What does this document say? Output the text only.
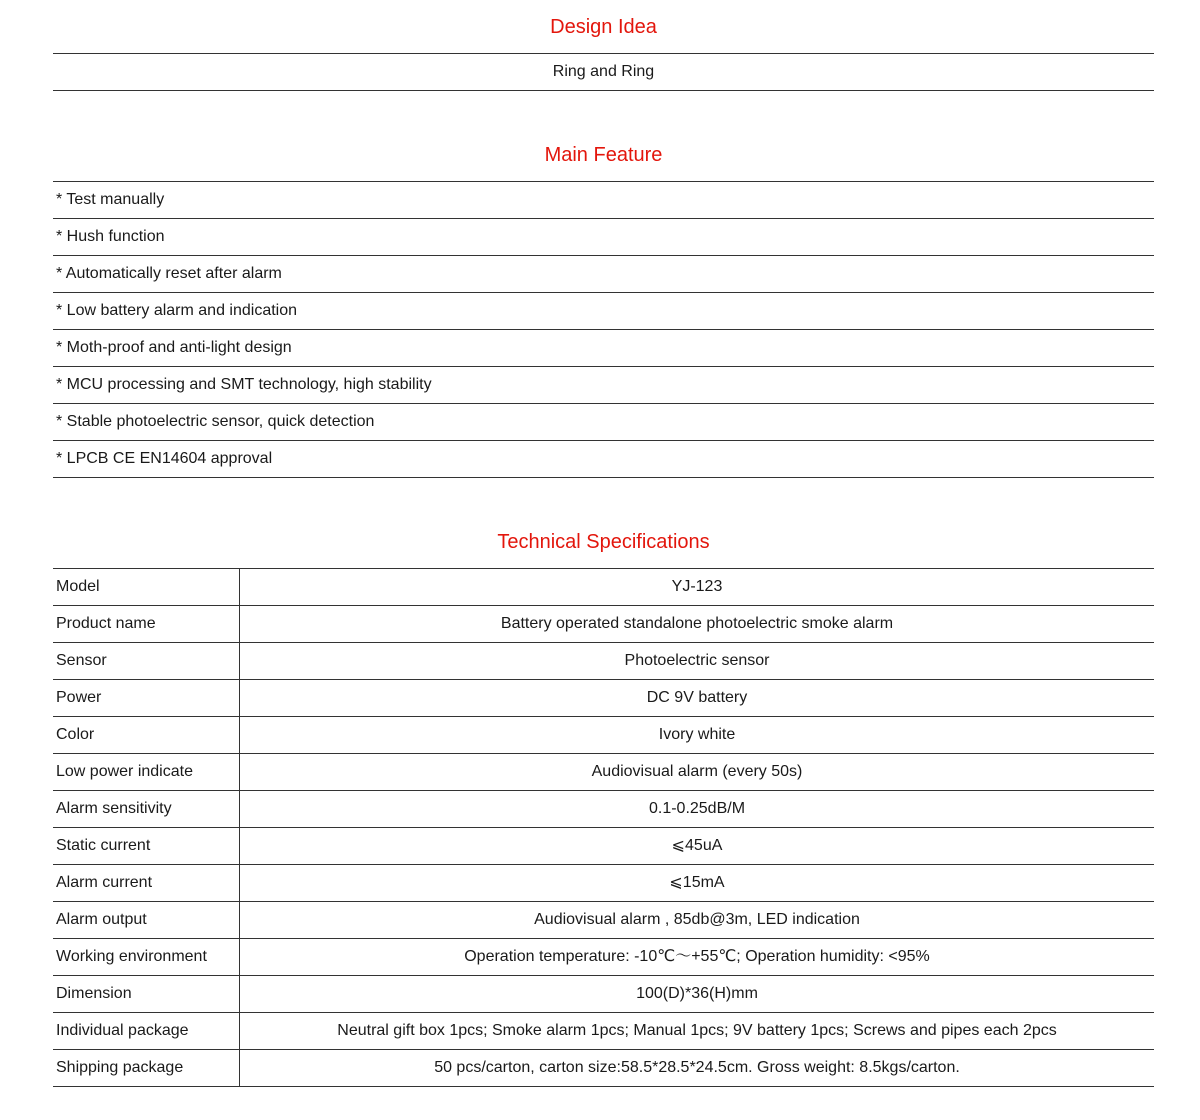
Design Idea
Ring and Ring
Main Feature
* Test manually
* Hush function
* Automatically reset after alarm
* Low battery alarm and indication
* Moth-proof and anti-light design
* MCU processing and SMT technology, high stability
* Stable photoelectric sensor, quick detection
* LPCB CE EN14604 approval
Technical Specifications
Model	YJ-123
Product name	Battery operated standalone photoelectric smoke alarm
Sensor	Photoelectric sensor
Power	DC 9V battery
Color	Ivory white
Low power indicate	Audiovisual alarm (every 50s)
Alarm sensitivity	0.1-0.25dB/M
Static current	⩽45uA
Alarm current	⩽15mA
Alarm output	Audiovisual alarm , 85db@3m, LED indication
Working environment	Operation temperature: -10℃～+55℃; Operation humidity: <95%
Dimension	100(D)*36(H)mm
Individual package	Neutral gift box 1pcs; Smoke alarm 1pcs; Manual 1pcs; 9V battery 1pcs; Screws and pipes each 2pcs
Shipping package	50 pcs/carton, carton size:58.5*28.5*24.5cm. Gross weight: 8.5kgs/carton.
